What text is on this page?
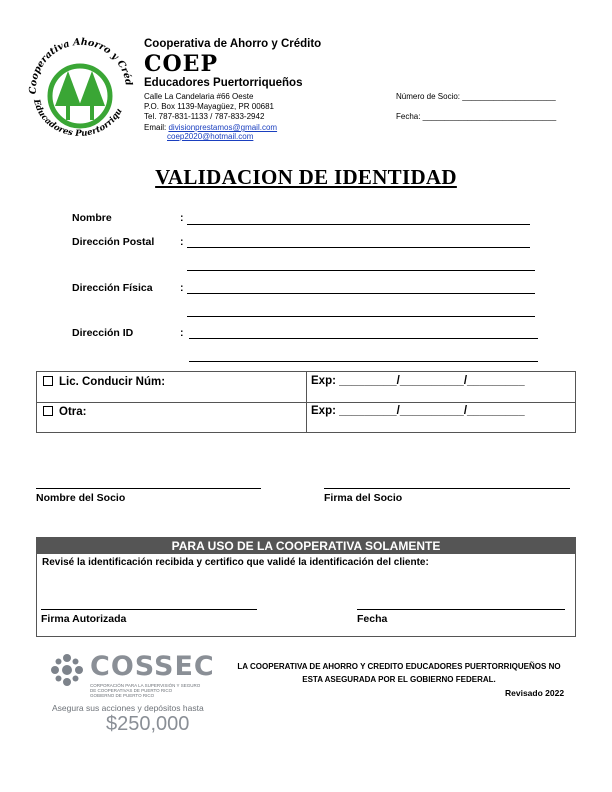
Cooperativa Ahorro y Créd
Educadores Puertorriqu
Cooperativa de Ahorro y Crédito
COEP
Educadores Puertorriqueños
Calle La Candelaria #66 Oeste
P.O. Box 1139-Mayagüez, PR 00681
Tel. 787-831-1133 / 787-833-2942
Email: divisionprestamos@gmail.com
coep2020@hotmail.com
Número de Socio: _____________________
Fecha: ______________________________
VALIDACION DE IDENTIDAD
Nombre	:
Dirección Postal :
Dirección Física	:
Dirección ID	:
Lic. Conducir Núm:	Exp: _________/__________/_________
Otra:	Exp: _________/__________/_________
Nombre del Socio	Firma del Socio
PARA USO DE LA COOPERATIVA SOLAMENTE
Revisé la identificación recibida y certifico que validé la identificación del cliente:
Firma Autorizada	Fecha
COSSEC
CORPORACIÓN PARA LA SUPERVISIÓN Y SEGURO
DE COOPERATIVAS DE PUERTO RICO
GOBIERNO DE PUERTO RICO
Asegura sus acciones y depósitos hasta
$250,000
LA COOPERATIVA DE AHORRO Y CREDITO EDUCADORES PUERTORRIQUEÑOS NO
ESTA ASEGURADA POR EL GOBIERNO FEDERAL.
Revisado 2022
